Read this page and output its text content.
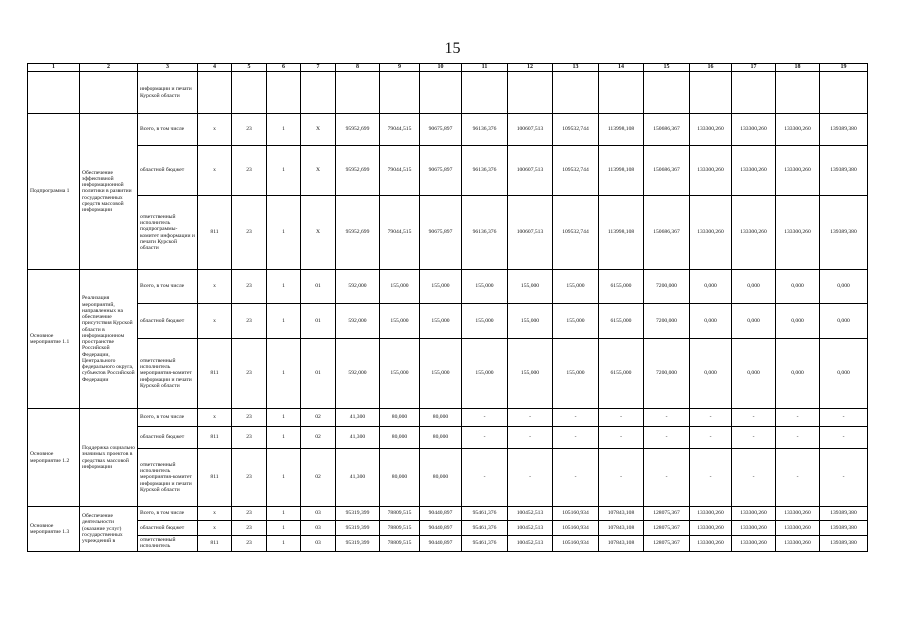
15
1	2	3	4	5	6	7	8	9	10	11	12	13	14	15	16	17	18	19
		информации и печати Курской области																
Подпрограмма 1	Обеспечение эффективной информационной политики в развитии государственных средств массовой информации	Всего, в том числе	х	23	1	Х	95952,699	79044,515	90675,897	96136,376	100607,513	109532,744	113998,108	150686,367	133300,260	133300,260	133300,260	139389,380
		областной бюджет	х	23	1	Х	95952,699	79044,515	90675,897	96136,376	100607,513	109532,744	113998,108	150686,367	133300,260	133300,260	133300,260	139389,380
		ответственный исполнитель подпрограммы-комитет информации и печати Курской области	811	23	1	Х	95952,699	79044,515	90675,897	96136,376	100607,513	109532,744	113998,108	150686,367	133300,260	133300,260	133300,260	139389,380
Основное мероприятие 1.1	Реализация мероприятий, направленных на обеспечение присутствия Курской области в информационном пространстве Российской Федерации, Центрального федерального округа, субъектов Российской Федерации	Всего, в том числе	х	23	1	01	592,000	155,000	155,000	155,000	155,000	155,000	6155,000	7200,000	0,000	0,000	0,000	0,000
		областной бюджет	х	23	1	01	592,000	155,000	155,000	155,000	155,000	155,000	6155,000	7200,000	0,000	0,000	0,000	0,000
		ответственный исполнитель мероприятия-комитет информации и печати Курской области	811	23	1	01	592,000	155,000	155,000	155,000	155,000	155,000	6155,000	7200,000	0,000	0,000	0,000	0,000
Основное мероприятие 1.2	Поддержка социально значимых проектов в средствах массовой информации	Всего, в том числе	х	23	1	02	41,300	80,000	80,000	-	-	-	-	-	-	-	-	-
		областной бюджет	811	23	1	02	41,300	80,000	80,000	-	-	-	-	-	-	-	-	-
		ответственный исполнитель мероприятия-комитет информации и печати Курской области	811	23	1	02	41,300	80,000	80,000	-	-	-	-	-	-	-	-	-
Основное мероприятие 1.3	Обеспечение деятельности (оказание услуг) государственных учреждений в	Всего, в том числе	х	23	1	03	95319,399	78809,515	90440,897	95461,376	100452,513	105160,934	107843,108	128075,367	133300,260	133300,260	133300,260	139389,380
		областной бюджет	х	23	1	03	95319,399	78809,515	90440,897	95461,376	100452,513	105160,934	107843,108	128075,367	133300,260	133300,260	133300,260	139389,380
		ответственный исполнитель	811	23	1	03	95319,399	78809,515	90440,897	95461,376	100452,513	105160,934	107843,108	128075,367	133300,260	133300,260	133300,260	139389,380
